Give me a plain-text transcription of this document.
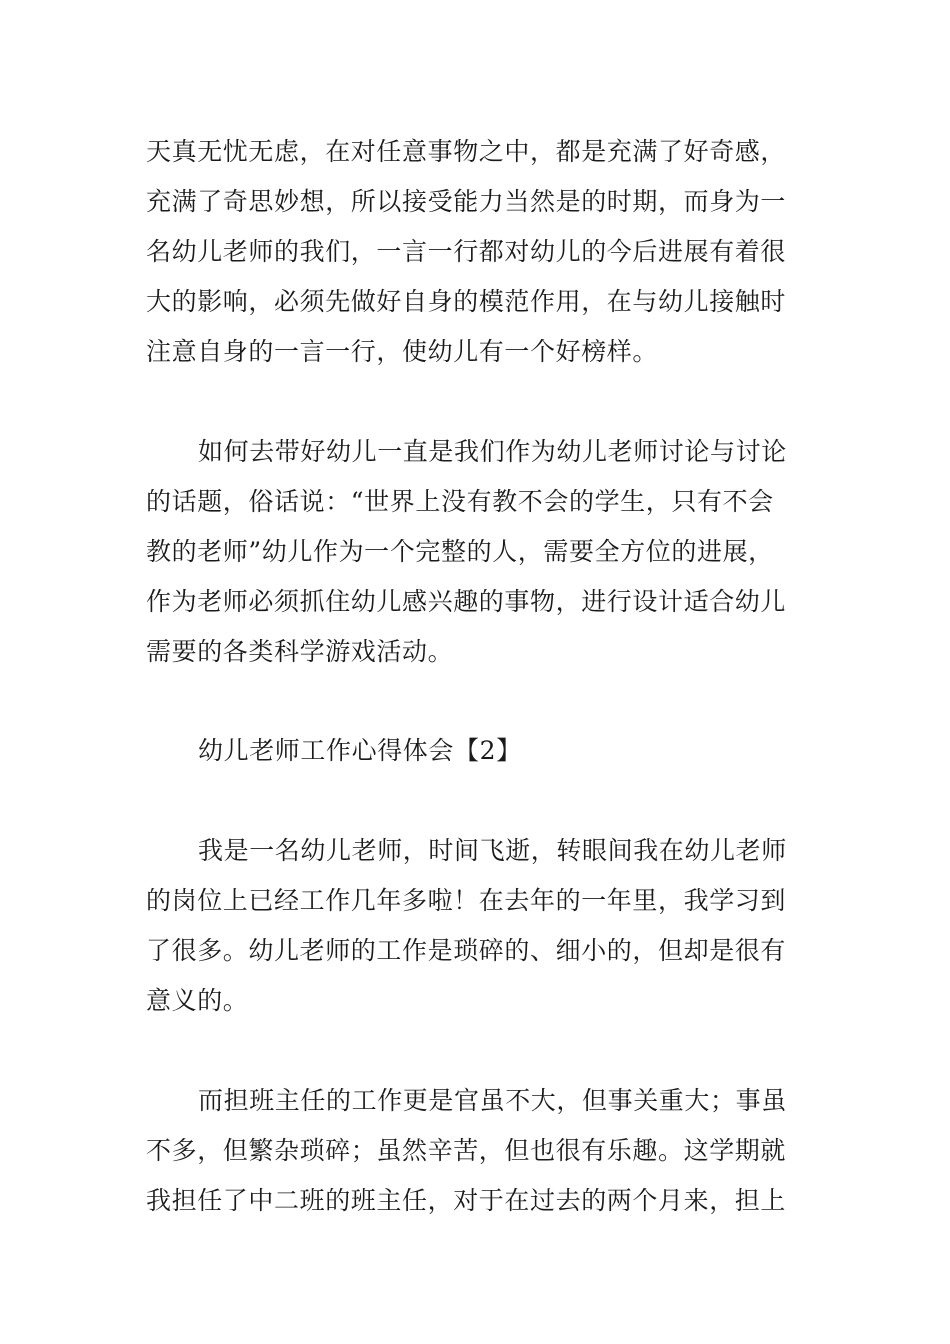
天真无忧无虑，在对任意事物之中，都是充满了好奇感，
充满了奇思妙想，所以接受能力当然是的时期，而身为一
名幼儿老师的我们，一言一行都对幼儿的今后进展有着很
大的影响，必须先做好自身的模范作用，在与幼儿接触时
注意自身的一言一行，使幼儿有一个好榜样。

如何去带好幼儿一直是我们作为幼儿老师讨论与讨论
的话题，俗话说：“世界上没有教不会的学生，只有不会
教的老师”幼儿作为一个完整的人，需要全方位的进展，
作为老师必须抓住幼儿感兴趣的事物，进行设计适合幼儿
需要的各类科学游戏活动。

幼儿老师工作心得体会【2】

我是一名幼儿老师，时间飞逝，转眼间我在幼儿老师
的岗位上已经工作几年多啦！在去年的一年里，我学习到
了很多。幼儿老师的工作是琐碎的、细小的，但却是很有
意义的。

而担班主任的工作更是官虽不大，但事关重大；事虽
不多，但繁杂琐碎；虽然辛苦，但也很有乐趣。这学期就
我担任了中二班的班主任，对于在过去的两个月来，担上
